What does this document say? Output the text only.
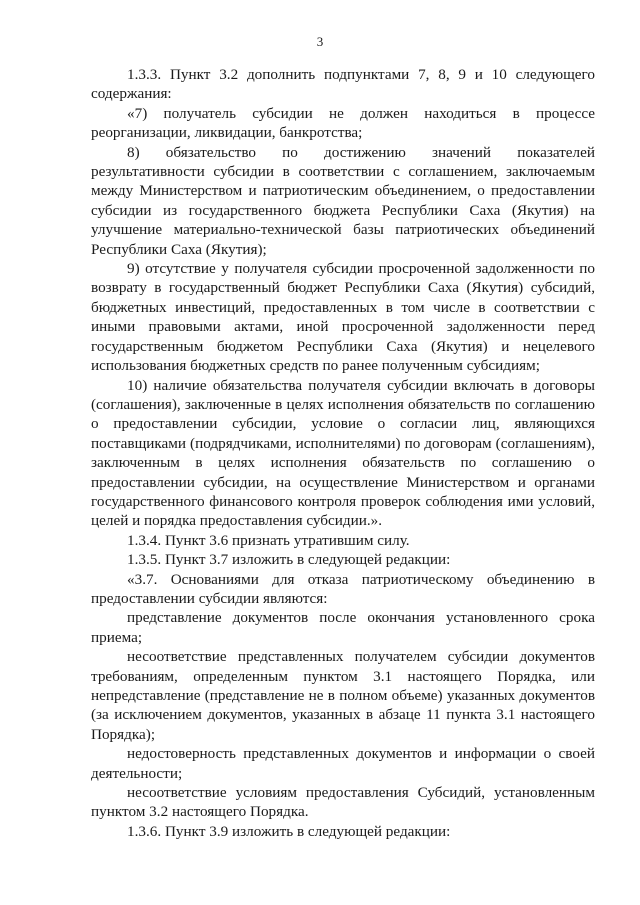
3

1.3.3. Пункт 3.2 дополнить подпунктами 7, 8, 9 и 10 следующего содержания:

«7) получатель субсидии не должен находиться в процессе реорганизации, ликвидации, банкротства;

8) обязательство по достижению значений показателей результативности субсидии в соответствии с соглашением, заключаемым между Министерством и патриотическим объединением, о предоставлении субсидии из государственного бюджета Республики Саха (Якутия) на улучшение материально-технической базы патриотических объединений Республики Саха (Якутия);

9) отсутствие у получателя субсидии просроченной задолженности по возврату в государственный бюджет Республики Саха (Якутия) субсидий, бюджетных инвестиций, предоставленных в том числе в соответствии с иными правовыми актами, иной просроченной задолженности перед государственным бюджетом Республики Саха (Якутия) и нецелевого использования бюджетных средств по ранее полученным субсидиям;

10) наличие обязательства получателя субсидии включать в договоры (соглашения), заключенные в целях исполнения обязательств по соглашению о предоставлении субсидии, условие о согласии лиц, являющихся поставщиками (подрядчиками, исполнителями) по договорам (соглашениям), заключенным в целях исполнения обязательств по соглашению о предоставлении субсидии, на осуществление Министерством и органами государственного финансового контроля проверок соблюдения ими условий, целей и порядка предоставления субсидии.».

1.3.4. Пункт 3.6 признать утратившим силу.

1.3.5. Пункт 3.7 изложить в следующей редакции:

«3.7. Основаниями для отказа патриотическому объединению в предоставлении субсидии являются:

представление документов после окончания установленного срока приема;

несоответствие представленных получателем субсидии документов требованиям, определенным пунктом 3.1 настоящего Порядка, или непредставление (представление не в полном объеме) указанных документов (за исключением документов, указанных в абзаце 11 пункта 3.1 настоящего Порядка);

недостоверность представленных документов и информации о своей деятельности;

несоответствие условиям предоставления Субсидий, установленным пунктом 3.2 настоящего Порядка.

1.3.6. Пункт 3.9 изложить в следующей редакции:
